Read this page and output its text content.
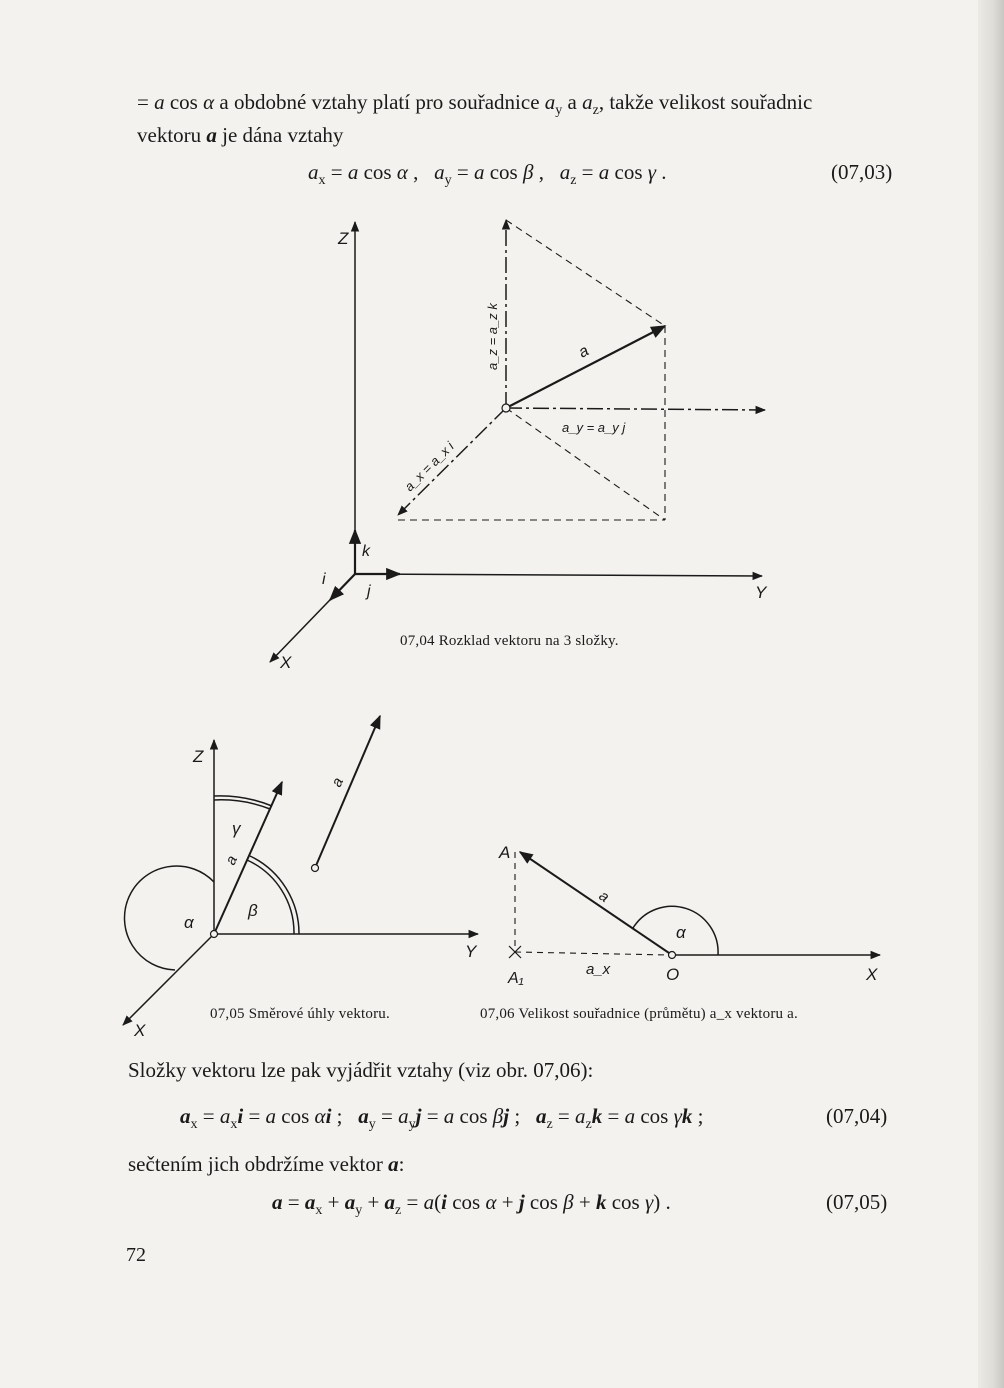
= a cos α a obdobné vztahy platí pro souřadnice $a_y$ a $a_z$, takže velikost souřadnic
vektoru a je dána vztahy
$a_x = a$ cos α ,   $a_y = a$ cos β ,   $a_z = a$ cos γ .	(07,03)
Z
Y
X
k
j
i
a
a_z = a_z k
a_y = a_y j
a_x = a_x i
07,04 Rozklad vektoru na 3 složky.
Z
Y
X
γ
β
α
a
a
07,05 Směrové úhly vektoru.
A
A₁	O	X
α
a_x
a
07,06 Velikost souřadnice (průmětu) a_x vektoru a.
Složky vektoru lze pak vyjádřit vztahy (viz obr. 07,06):
$a_x = a_xi = a$ cos αi ;   $a_y = a_yj = a$ cos βj ;   $a_z = a_zk = a$ cos γk ;	(07,04)
sečtením jich obdržíme vektor a:
$a = a_x + a_y + a_z = a(i$ cos α + j cos β + k cos γ) .	(07,05)
72
